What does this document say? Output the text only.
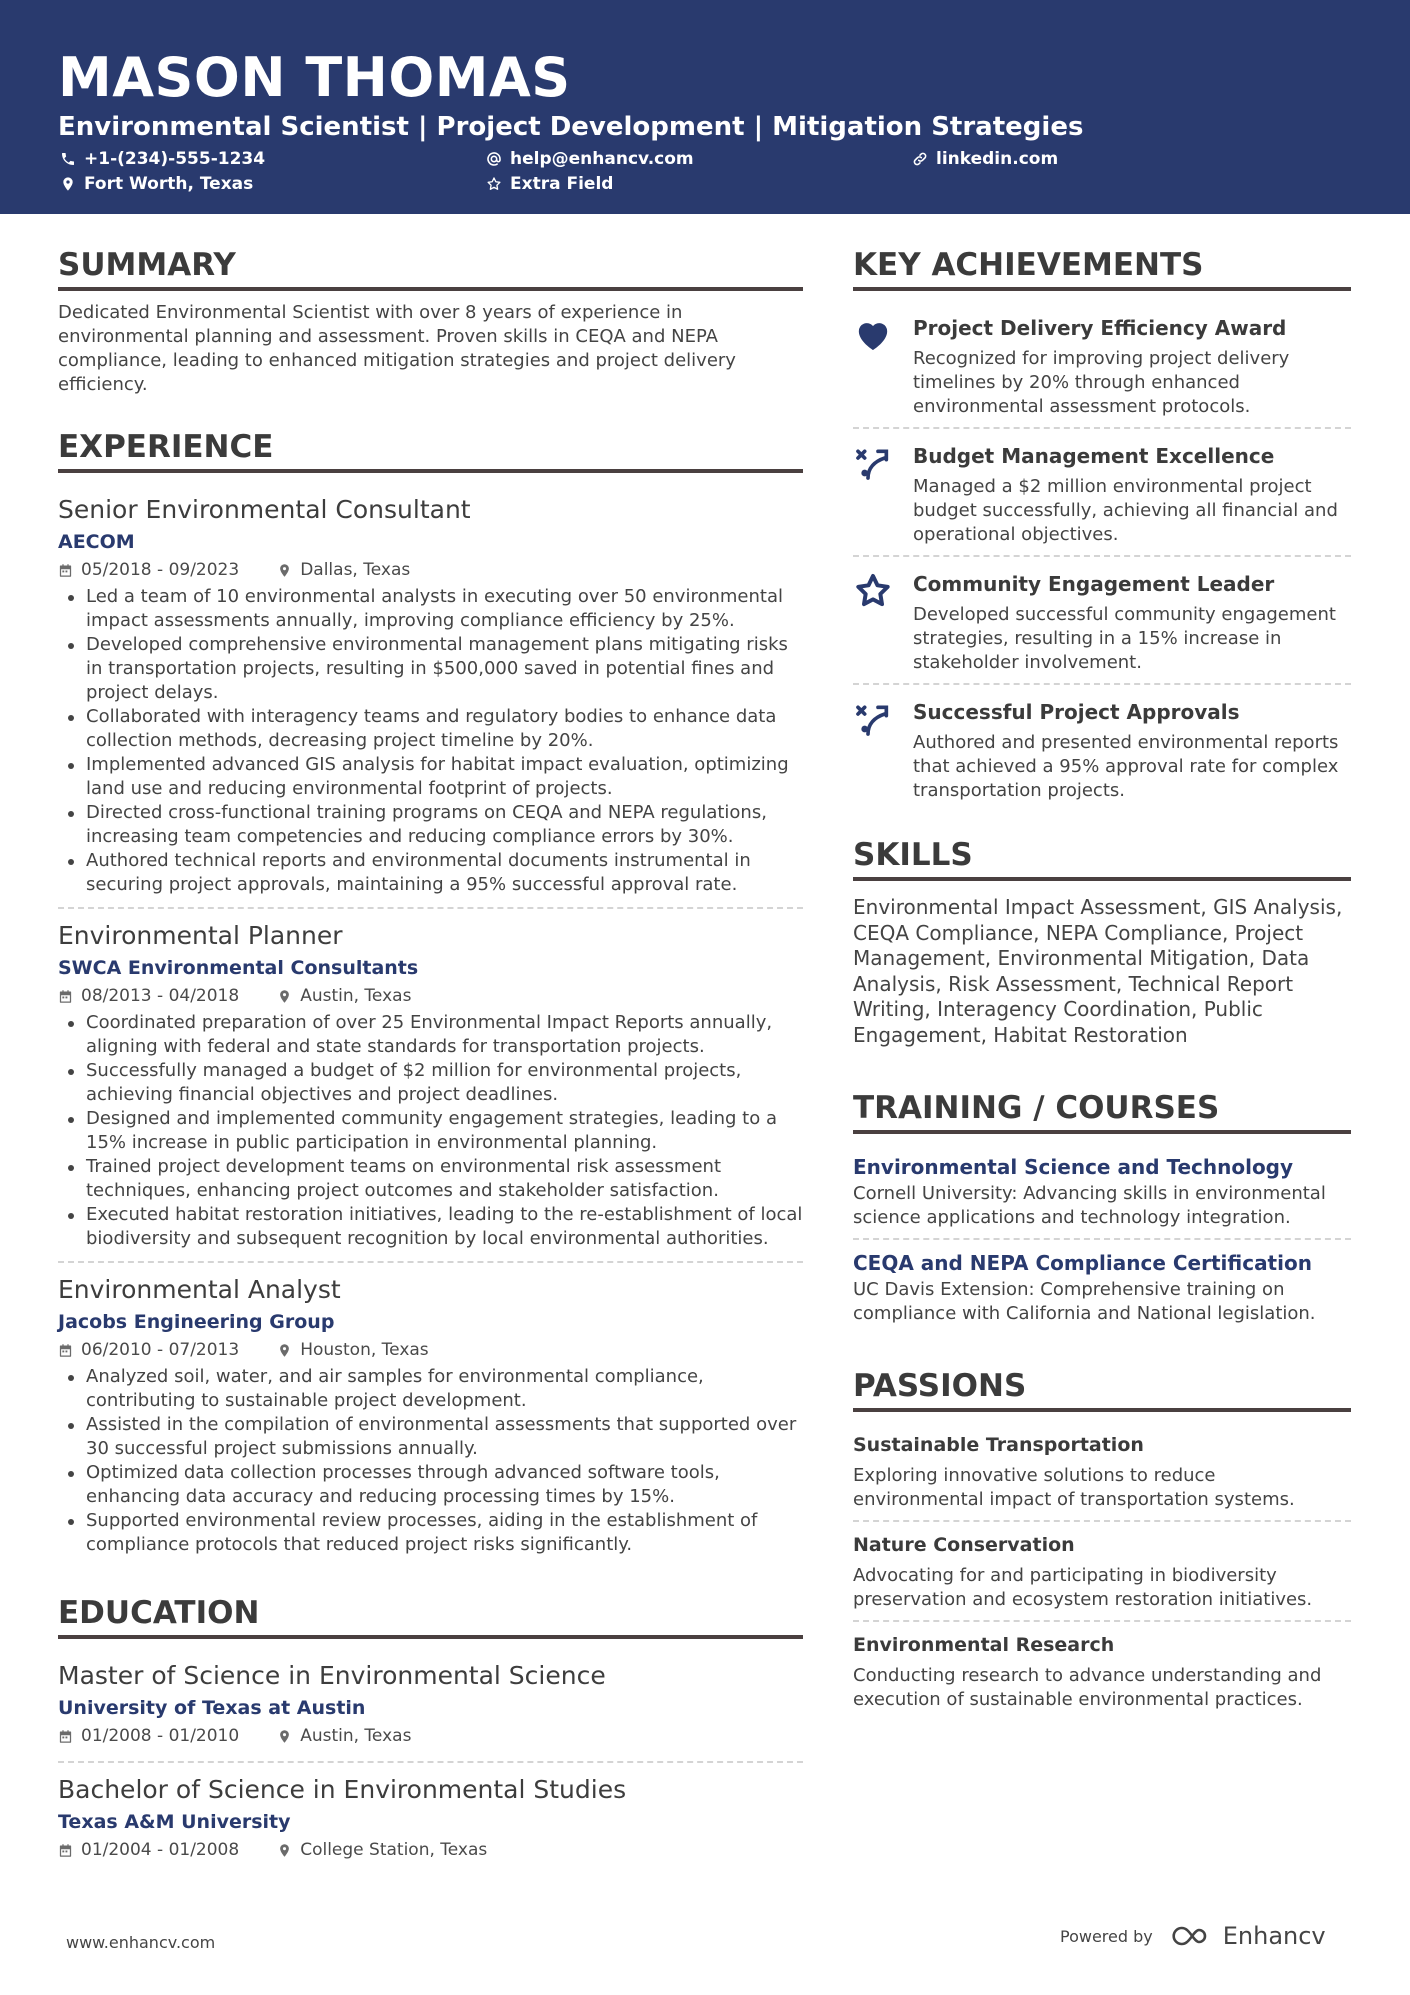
MASON THOMAS
Environmental Scientist | Project Development | Mitigation Strategies
+1-(234)-555-1234	help@enhancv.com	linkedin.com
Fort Worth, Texas	Extra Field
SUMMARY
Dedicated Environmental Scientist with over 8 years of experience in environmental planning and assessment. Proven skills in CEQA and NEPA compliance, leading to enhanced mitigation strategies and project delivery efficiency.
EXPERIENCE
Senior Environmental Consultant
AECOM
05/2018 - 09/2023	Dallas, Texas
Led a team of 10 environmental analysts in executing over 50 environmental impact assessments annually, improving compliance efficiency by 25%.
Developed comprehensive environmental management plans mitigating risks in transportation projects, resulting in $500,000 saved in potential fines and project delays.
Collaborated with interagency teams and regulatory bodies to enhance data collection methods, decreasing project timeline by 20%.
Implemented advanced GIS analysis for habitat impact evaluation, optimizing land use and reducing environmental footprint of projects.
Directed cross-functional training programs on CEQA and NEPA regulations, increasing team competencies and reducing compliance errors by 30%.
Authored technical reports and environmental documents instrumental in securing project approvals, maintaining a 95% successful approval rate.
Environmental Planner
SWCA Environmental Consultants
08/2013 - 04/2018	Austin, Texas
Coordinated preparation of over 25 Environmental Impact Reports annually, aligning with federal and state standards for transportation projects.
Successfully managed a budget of $2 million for environmental projects, achieving financial objectives and project deadlines.
Designed and implemented community engagement strategies, leading to a 15% increase in public participation in environmental planning.
Trained project development teams on environmental risk assessment techniques, enhancing project outcomes and stakeholder satisfaction.
Executed habitat restoration initiatives, leading to the re-establishment of local biodiversity and subsequent recognition by local environmental authorities.
Environmental Analyst
Jacobs Engineering Group
06/2010 - 07/2013	Houston, Texas
Analyzed soil, water, and air samples for environmental compliance, contributing to sustainable project development.
Assisted in the compilation of environmental assessments that supported over 30 successful project submissions annually.
Optimized data collection processes through advanced software tools, enhancing data accuracy and reducing processing times by 15%.
Supported environmental review processes, aiding in the establishment of compliance protocols that reduced project risks significantly.
EDUCATION
Master of Science in Environmental Science
University of Texas at Austin
01/2008 - 01/2010	Austin, Texas
Bachelor of Science in Environmental Studies
Texas A&M University
01/2004 - 01/2008	College Station, Texas
KEY ACHIEVEMENTS
Project Delivery Efficiency Award
Recognized for improving project delivery timelines by 20% through enhanced environmental assessment protocols.
Budget Management Excellence
Managed a $2 million environmental project budget successfully, achieving all financial and operational objectives.
Community Engagement Leader
Developed successful community engagement strategies, resulting in a 15% increase in stakeholder involvement.
Successful Project Approvals
Authored and presented environmental reports that achieved a 95% approval rate for complex transportation projects.
SKILLS
Environmental Impact Assessment, GIS Analysis, CEQA Compliance, NEPA Compliance, Project Management, Environmental Mitigation, Data Analysis, Risk Assessment, Technical Report Writing, Interagency Coordination, Public Engagement, Habitat Restoration
TRAINING / COURSES
Environmental Science and Technology
Cornell University: Advancing skills in environmental science applications and technology integration.
CEQA and NEPA Compliance Certification
UC Davis Extension: Comprehensive training on compliance with California and National legislation.
PASSIONS
Sustainable Transportation
Exploring innovative solutions to reduce environmental impact of transportation systems.
Nature Conservation
Advocating for and participating in biodiversity preservation and ecosystem restoration initiatives.
Environmental Research
Conducting research to advance understanding and execution of sustainable environmental practices.
www.enhancv.com	Powered by	Enhancv
